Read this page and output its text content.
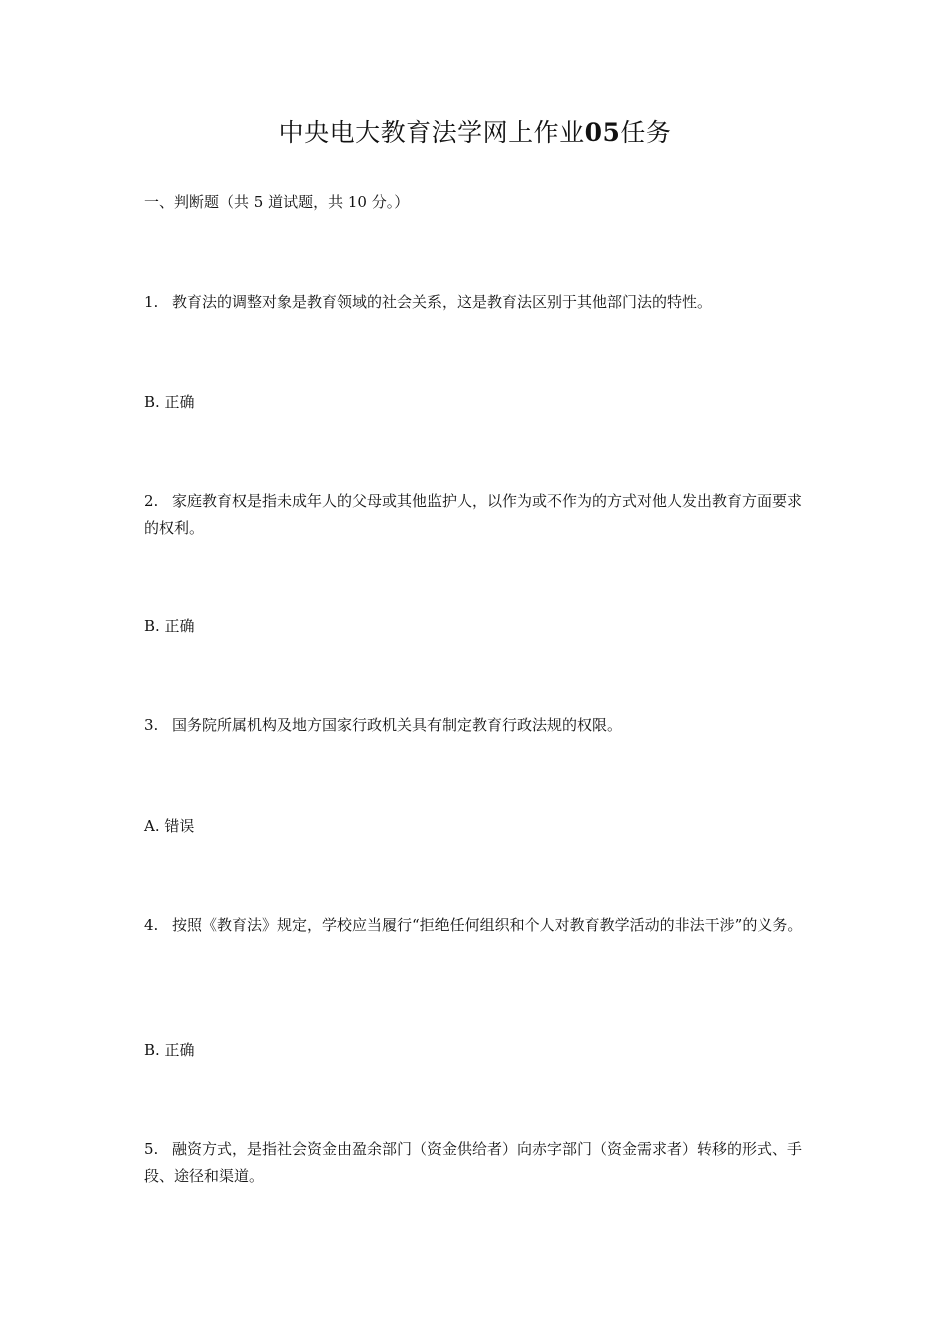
中央电大教育法学网上作业05任务
一、判断题（共 5 道试题，共 10 分。）
1. 教育法的调整对象是教育领域的社会关系，这是教育法区别于其他部门法的特性。
B. 正确
2. 家庭教育权是指未成年人的父母或其他监护人，以作为或不作为的方式对他人发出教育方面要求的权利。
B. 正确
3. 国务院所属机构及地方国家行政机关具有制定教育行政法规的权限。
A. 错误
4. 按照《教育法》规定，学校应当履行“拒绝任何组织和个人对教育教学活动的非法干涉”的义务。
B. 正确
5. 融资方式，是指社会资金由盈余部门（资金供给者）向赤字部门（资金需求者）转移的形式、手段、途径和渠道。
